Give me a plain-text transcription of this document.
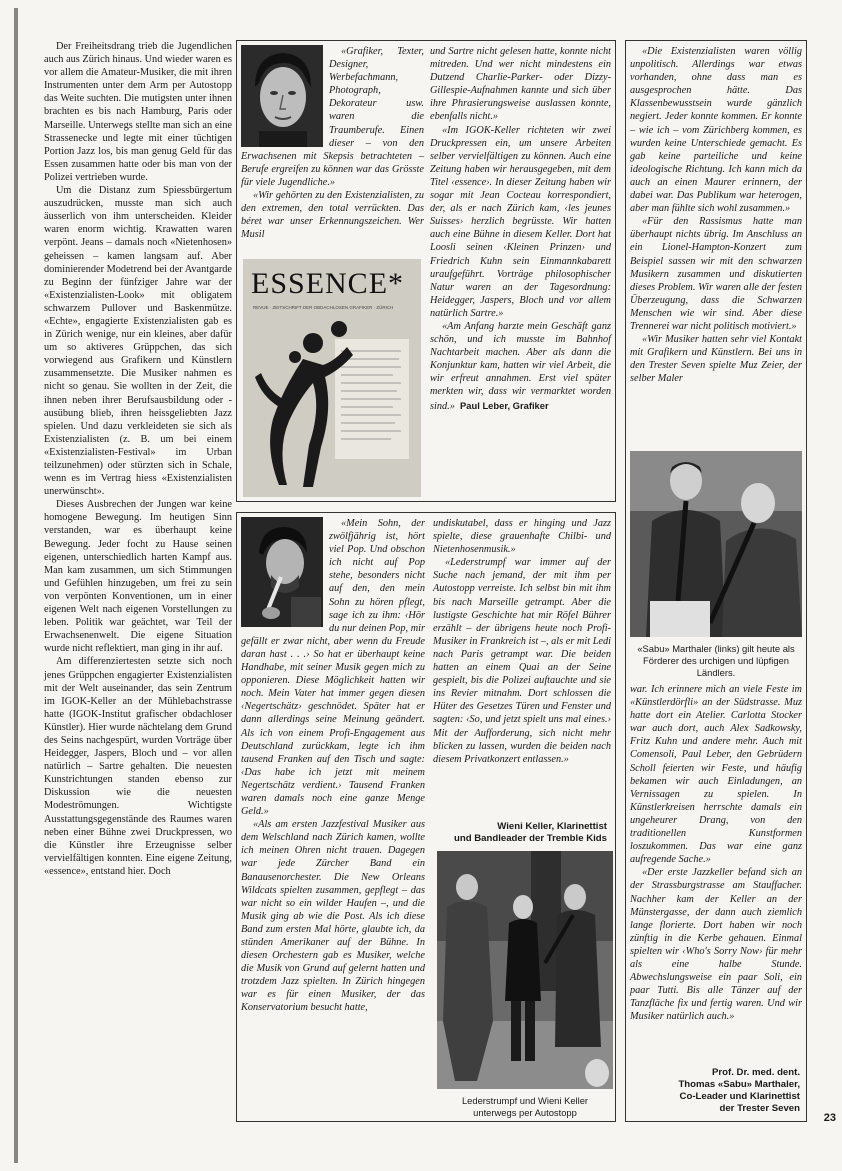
Der Freiheitsdrang trieb die Jugendlichen auch aus Zürich hinaus. Und wieder waren es vor allem die Amateur-Musiker, die mit ihren Instrumenten unter dem Arm per Autostopp das Weite suchten. Die mutigsten unter ihnen brachten es bis nach Hamburg, Paris oder Marseille. Unterwegs stellte man sich an eine Strassenecke und legte mit einer tüchtigen Portion Jazz los, bis man genug Geld für das Essen zusammen hatte oder bis man von der Polizei vertrieben wurde.

Um die Distanz zum Spiessbürgertum auszudrücken, musste man sich auch äusserlich von ihm unterscheiden. Kleider waren enorm wichtig. Krawatten waren verpönt. Jeans – damals noch «Nietenhosen» geheissen – kamen langsam auf. Aber dominierender Modetrend bei der Avantgarde zu Beginn der fünfziger Jahre war der «Existenzialisten-Look» mit obligatem schwarzem Pullover und Baskenmütze. «Echte», engagierte Existenzialisten gab es in Zürich wenige, nur ein kleines, aber dafür um so aktiveres Grüppchen, das sich vorwiegend aus Grafikern und Künstlern zusammensetzte. Die Musiker nahmen es nicht so genau. Sie wollten in der Zeit, die ihnen neben ihrer Berufsausbildung oder -ausübung blieb, ihren heissgeliebten Jazz spielen. Und dazu verkleideten sie sich als Existenzialisten (z. B. um bei einem «Existenzialisten-Festival» im Urban teilzunehmen) oder stürzten sich in Schale, wenn es im Vertrag hiess «Existenzialisten unerwünscht».

Dieses Ausbrechen der Jungen war keine homogene Bewegung. Im heutigen Sinn verstanden, war es überhaupt keine Bewegung. Jeder focht zu Hause seinen eigenen, unterschiedlich harten Kampf aus. Man kam zusammen, um sich Stimmungen und Gefühlen hinzugeben, um frei zu sein von verpönten Konventionen, um in einer eigenen Welt nach eigenen Vorstellungen zu leben. Politik war geächtet, war Teil der Erwachsenenwelt. Die eigene Situation wurde nicht reflektiert, man ging in ihr auf.

Am differenziertesten setzte sich noch jenes Grüppchen engagierter Existenzialisten mit der Welt auseinander, das sein Zentrum im IGOK-Keller an der Mühlebachstrasse hatte (IGOK-Institut grafischer obdachloser Künstler). Hier wurde nächtelang dem Grund des Seins nachgespürt, wurden Vorträge über Heidegger, Jaspers, Bloch und – vor allen natürlich – Sartre gehalten. Die neuesten Kunstrichtungen standen ebenso zur Diskussion wie die neuesten Modeströmungen. Wichtigste Ausstattungsgegenstände des Raumes waren neben einer Bühne zwei Druckpressen, wo die Künstler ihre Erzeugnisse selber vervielfältigen konnten. Eine eigene Zeitung, «essence», entstand hier. Doch

«Grafiker, Texter, Designer, Werbefachmann, Photograph, Dekorateur usw. waren die Traumberufe. Einen dieser – von den Erwachsenen mit Skepsis betrachteten – Berufe ergreifen zu können war das Grösste für viele Jugendliche.»

«Wir gehörten zu den Existenzialisten, zu den extremen, den total verrückten. Das béret war unser Erkennungszeichen. Wer Musil

ESSENCE*
REVUE · ZEITSCHRIFT DER OBDACHLOSEN GRAFIKER · ZÜRICH

und Sartre nicht gelesen hatte, konnte nicht mitreden. Und wer nicht mindestens ein Dutzend Charlie-Parker- oder Dizzy-Gillespie-Aufnahmen kannte und sich über ihre Phrasierungsweise auslassen konnte, ebenfalls nicht.»

«Im IGOK-Keller richteten wir zwei Druckpressen ein, um unsere Arbeiten selber vervielfältigen zu können. Auch eine Zeitung haben wir herausgegeben, mit dem Titel ‹essence›. In dieser Zeitung haben wir sogar mit Jean Cocteau korrespondiert, der, als er nach Zürich kam, ‹les jeunes Suisses› herzlich begrüsste. Wir hatten auch eine Bühne in diesem Keller. Dort hat Loosli seinen ‹Kleinen Prinzen› und Friedrich Kuhn sein Einmannkabarett uraufgeführt. Vorträge philosophischer Natur waren an der Tagesordnung: Heidegger, Jaspers, Bloch und vor allem natürlich Sartre.»

«Am Anfang harzte mein Geschäft ganz schön, und ich musste im Bahnhof Nachtarbeit machen. Aber als dann die Konjunktur kam, hatten wir viel Arbeit, die wir erfreut annahmen. Erst viel später merkten wir, dass wir vermarktet worden sind.» Paul Leber, Grafiker

«Die Existenzialisten waren völlig unpolitisch. Allerdings war etwas vorhanden, ohne dass man es ausgesprochen hätte. Das Klassenbewusstsein wurde gänzlich negiert. Jeder konnte kommen. Er konnte – wie ich – vom Zürichberg kommen, es wurden keine Unterschiede gemacht. Es gab keine parteiliche und keine ideologische Richtung. Ich kann mich da auch an einen Maurer erinnern, der dabei war. Das Publikum war heterogen, aber man fühlte sich wohl zusammen.»

«Für den Rassismus hatte man überhaupt nichts übrig. Im Anschluss an ein Lionel-Hampton-Konzert zum Beispiel sassen wir mit den schwarzen Musikern zusammen und diskutierten dieses Problem. Wir waren alle der festen Überzeugung, dass die Schwarzen Menschen wie wir sind. Aber diese Trennerei war nicht politisch motiviert.»

«Wir Musiker hatten sehr viel Kontakt mit Grafikern und Künstlern. Bei uns in den Trester Seven spielte Muz Zeier, der selber Maler

«Sabu» Marthaler (links) gilt heute als Förderer des urchigen und lüpfigen Ländlers.

war. Ich erinnere mich an viele Feste im «Künstlerdörfli» an der Südstrasse. Muz hatte dort ein Atelier. Carlotta Stocker war auch dort, auch Alex Sadkowsky, Fritz Kuhn und andere mehr. Auch mit Comensoli, Paul Leber, den Gebrüdern Scholl feierten wir Feste, und häufig bekamen wir auch Einladungen, an Vernissagen zu spielen. In Künstlerkreisen herrschte damals ein ungeheurer Drang, von den traditionellen Kunstformen loszukommen. Das war eine ganz aufregende Sache.»

«Der erste Jazzkeller befand sich an der Strassburgstrasse am Stauffacher. Nachher kam der Keller an der Münstergasse, der dann auch ziemlich lange florierte. Dort haben wir noch zünftig in die Kerbe gehauen. Einmal spielten wir ‹Who's Sorry Now› für mehr als eine halbe Stunde. Abwechslungsweise ein paar Soli, ein paar Tutti. Bis alle Tänzer auf der Tanzfläche fix und fertig waren. Und wir Musiker natürlich auch.»

Prof. Dr. med. dent.
Thomas «Sabu» Marthaler,
Co-Leader und Klarinettist
der Trester Seven

«Mein Sohn, der zwölfjährig ist, hört viel Pop. Und obschon ich nicht auf Pop stehe, besonders nicht auf den, den mein Sohn zu hören pflegt, sage ich zu ihm: ‹Hör du nur deinen Pop, mir gefällt er zwar nicht, aber wenn du Freude daran hast . . .› So hat er überhaupt keine Handhabe, mit seiner Musik gegen mich zu opponieren. Diese Möglichkeit hatten wir noch. Mein Vater hat immer gegen diesen ‹Negertschätz› geschnödet. Später hat er dann allerdings seine Meinung geändert. Als ich von einem Profi-Engagement aus Deutschland zurückkam, legte ich ihm tausend Franken auf den Tisch und sagte: ‹Das habe ich jetzt mit meinem Negertschätz verdient.› Tausend Franken waren damals noch eine ganze Menge Geld.»

«Als am ersten Jazzfestival Musiker aus dem Welschland nach Zürich kamen, wollte ich meinen Ohren nicht trauen. Dagegen war jede Zürcher Band ein Banausenorchester. Die New Orleans Wildcats spielten zusammen, gepflegt – das war nicht so ein wilder Haufen –, und die Musik ging ab wie die Post. Als ich diese Band zum ersten Mal hörte, glaubte ich, da stünden Amerikaner auf der Bühne. In diesen Orchestern gab es Musiker, welche die Musik von Grund auf gelernt hatten und trotzdem Jazz spielten. In Zürich hingegen war es für einen Musiker, der das Konservatorium besucht hatte,

undiskutabel, dass er hinging und Jazz spielte, diese grauenhafte Chilbi- und Nietenhosenmusik.»

«Lederstrumpf war immer auf der Suche nach jemand, der mit ihm per Autostopp verreiste. Ich selbst bin mit ihm bis nach Marseille getrampt. Aber die lustigste Geschichte hat mir Röfel Bührer erzählt – der übrigens heute noch Profi-Musiker in Frankreich ist –, als er mit Ledi nach Paris getrampt war. Die beiden hatten an einem Quai an der Seine gespielt, bis die Polizei auftauchte und sie ins Revier mitnahm. Dort schlossen die Hüter des Gesetzes Türen und Fenster und sagten: ‹So, und jetzt spielt uns mal eines.› Mit der Aufforderung, sich nicht mehr blicken zu lassen, wurden die beiden nach diesem Privatkonzert entlassen.»

Wieni Keller, Klarinettist
und Bandleader der Tremble Kids
Lederstrumpf und Wieni Keller unterwegs per Autostopp	23
